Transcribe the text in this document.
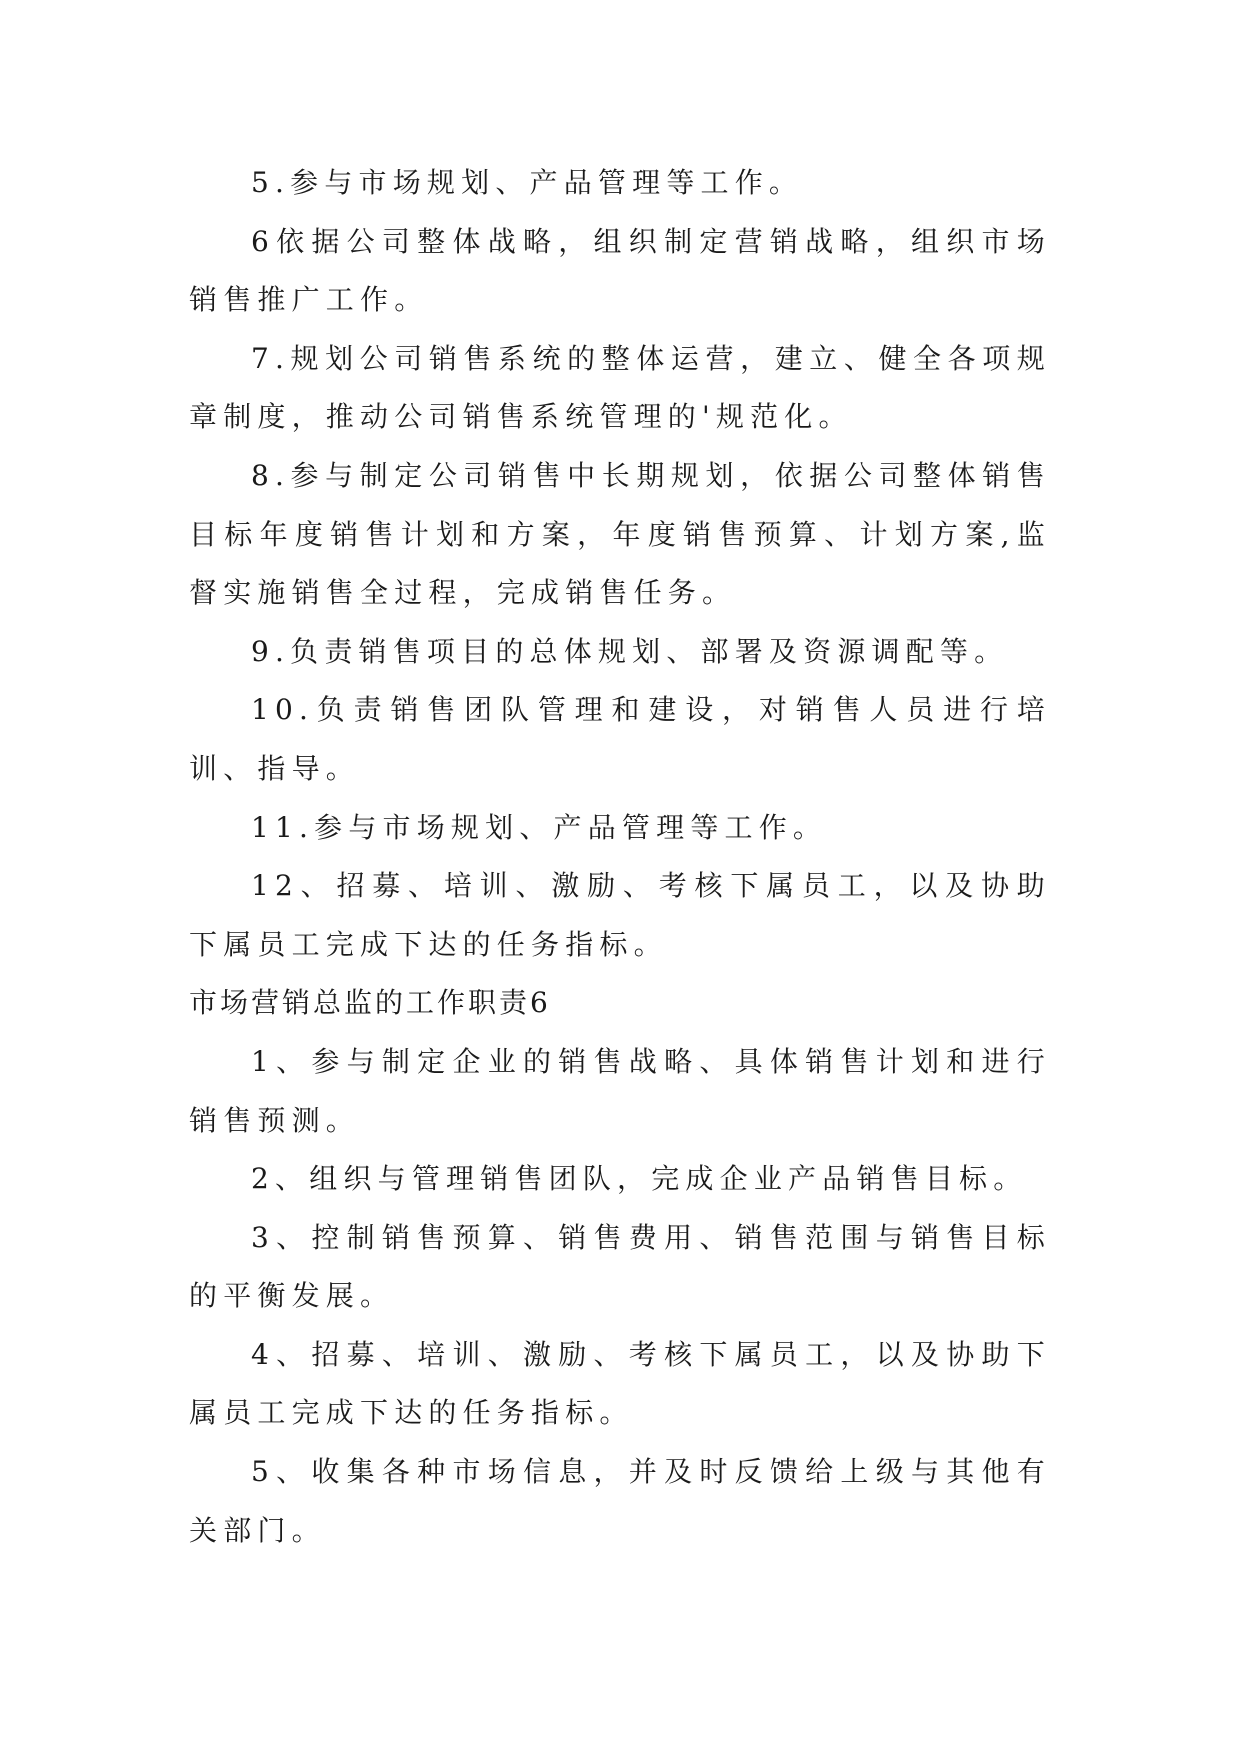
5.参与市场规划、产品管理等工作。

6依据公司整体战略，组织制定营销战略，组织市场销售推广工作。

7.规划公司销售系统的整体运营，建立、健全各项规章制度，推动公司销售系统管理的'规范化。

8.参与制定公司销售中长期规划，依据公司整体销售目标年度销售计划和方案，年度销售预算、计划方案,监督实施销售全过程，完成销售任务。

9.负责销售项目的总体规划、部署及资源调配等。

10.负责销售团队管理和建设，对销售人员进行培训、指导。

11.参与市场规划、产品管理等工作。

12、招募、培训、激励、考核下属员工，以及协助下属员工完成下达的任务指标。

市场营销总监的工作职责6

1、参与制定企业的销售战略、具体销售计划和进行销售预测。

2、组织与管理销售团队，完成企业产品销售目标。

3、控制销售预算、销售费用、销售范围与销售目标的平衡发展。

4、招募、培训、激励、考核下属员工，以及协助下属员工完成下达的任务指标。

5、收集各种市场信息，并及时反馈给上级与其他有关部门。
